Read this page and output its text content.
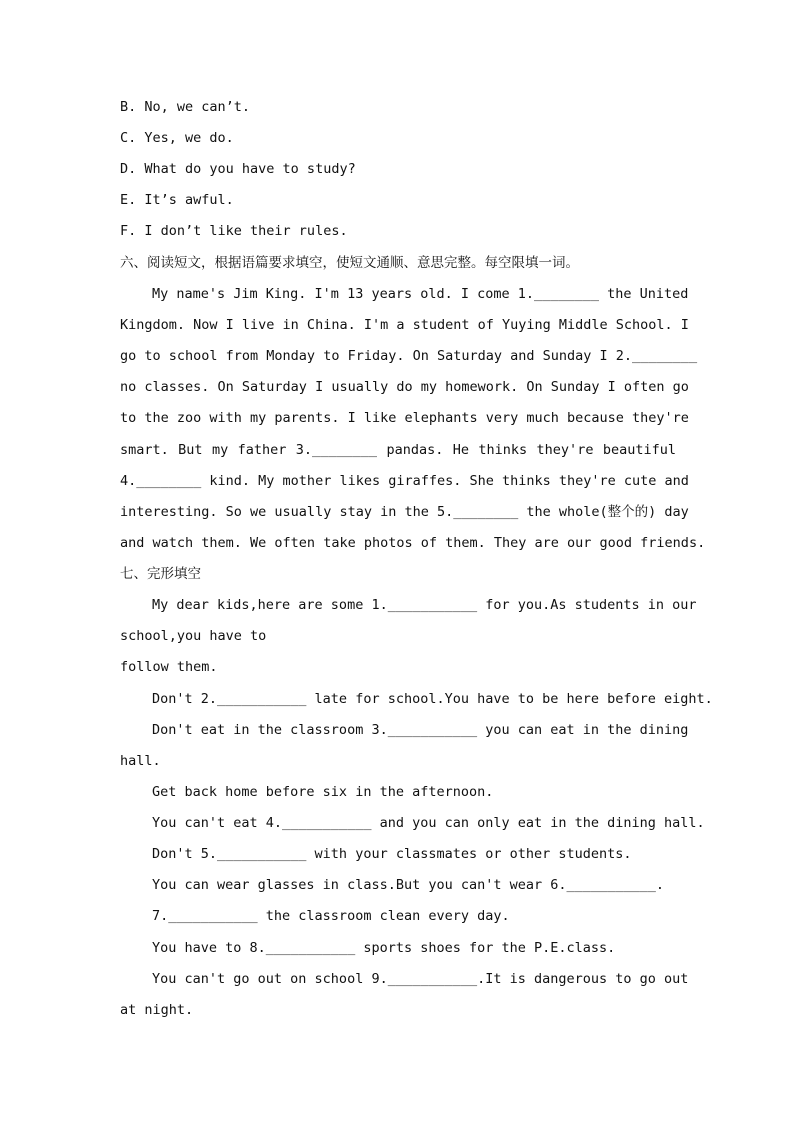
B. No, we can’t.
C. Yes, we do.
D. What do you have to study?
E. It’s awful.
F. I don’t like their rules.
六、阅读短文，根据语篇要求填空，使短文通顺、意思完整。每空限填一词。
My name's Jim King. I'm 13 years old. I come 1.________ the United
Kingdom. Now I live in China. I'm a student of Yuying Middle School. I
go to school from Monday to Friday. On Saturday and Sunday I 2.________
no classes. On Saturday I usually do my homework. On Sunday I often go
to the zoo with my parents. I like elephants very much because they're
smart. But my father 3.________ pandas. He thinks they're beautiful
4.________ kind. My mother likes giraffes. She thinks they're cute and
interesting. So we usually stay in the 5.________ the whole(整个的) day
and watch them. We often take photos of them. They are our good friends.
七、完形填空
My dear kids,here are some 1.___________ for you.As students in our
school,you have to
follow them.
Don't 2.___________ late for school.You have to be here before eight.
Don't eat in the classroom 3.___________ you can eat in the dining
hall.
Get back home before six in the afternoon.
You can't eat 4.___________ and you can only eat in the dining hall.
Don't 5.___________ with your classmates or other students.
You can wear glasses in class.But you can't wear 6.___________.
7.___________ the classroom clean every day.
You have to 8.___________ sports shoes for the P.E.class.
You can't go out on school 9.___________.It is dangerous to go out
at night.
